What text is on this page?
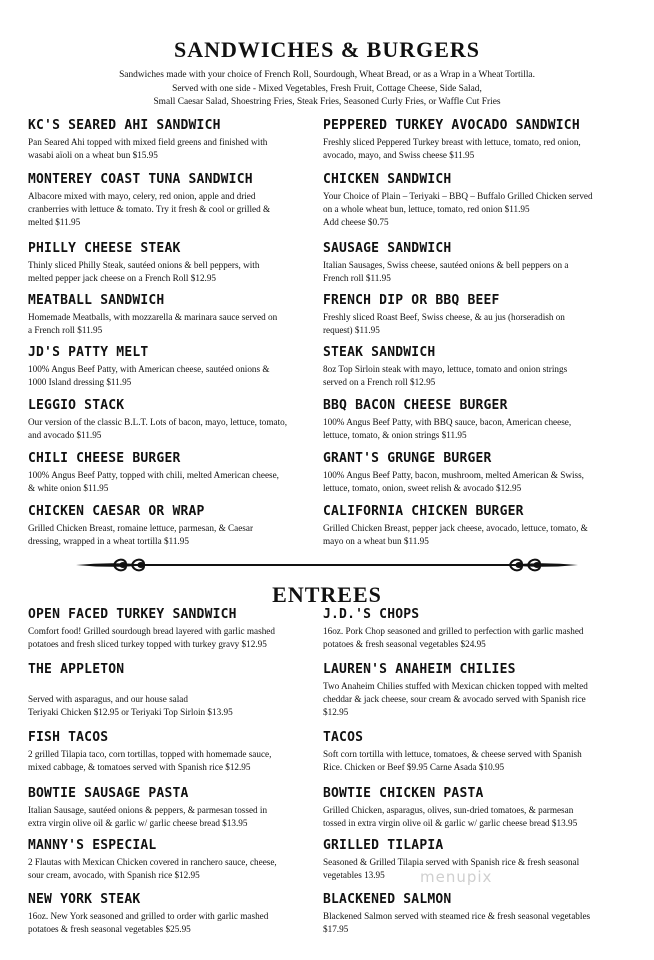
SANDWICHES & BURGERS
Sandwiches made with your choice of French Roll, Sourdough, Wheat Bread, or as a Wrap in a Wheat Tortilla.
Served with one side - Mixed Vegetables, Fresh Fruit, Cottage Cheese, Side Salad,
Small Caesar Salad, Shoestring Fries, Steak Fries, Seasoned Curly Fries, or Waffle Cut Fries
KC'S SEARED AHI SANDWICH

Pan Seared Ahi topped with mixed field greens and finished with
wasabi aïoli on a wheat bun $15.95

MONTEREY COAST TUNA SANDWICH

Albacore mixed with mayo, celery, red onion, apple and dried
cranberries with lettuce & tomato. Try it fresh & cool or grilled &
melted $11.95

PHILLY CHEESE STEAK

Thinly sliced Philly Steak, sautéed onions & bell peppers, with
melted pepper jack cheese on a French Roll $12.95

MEATBALL SANDWICH

Homemade Meatballs, with mozzarella & marinara sauce served on
a French roll $11.95

JD'S PATTY MELT

100% Angus Beef Patty, with American cheese, sautéed onions &
1000 Island dressing $11.95

LEGGIO STACK

Our version of the classic B.L.T. Lots of bacon, mayo, lettuce, tomato,
and avocado $11.95

CHILI CHEESE BURGER

100% Angus Beef Patty, topped with chili, melted American cheese,
& white onion $11.95

CHICKEN CAESAR OR WRAP

Grilled Chicken Breast, romaine lettuce, parmesan, & Caesar
dressing, wrapped in a wheat tortilla $11.95

PEPPERED TURKEY AVOCADO SANDWICH

Freshly sliced Peppered Turkey breast with lettuce, tomato, red onion,
avocado, mayo, and Swiss cheese $11.95

CHICKEN SANDWICH

Your Choice of Plain – Teriyaki – BBQ – Buffalo Grilled Chicken served
on a whole wheat bun, lettuce, tomato, red onion $11.95
Add cheese $0.75

SAUSAGE SANDWICH

Italian Sausages, Swiss cheese, sautéed onions & bell peppers on a
French roll $11.95

FRENCH DIP OR BBQ BEEF

Freshly sliced Roast Beef, Swiss cheese, & au jus (horseradish on
request) $11.95

STEAK SANDWICH

8oz Top Sirloin steak with mayo, lettuce, tomato and onion strings
served on a French roll $12.95

BBQ BACON CHEESE BURGER

100% Angus Beef Patty, with BBQ sauce, bacon, American cheese,
lettuce, tomato, & onion strings $11.95

GRANT'S GRUNGE BURGER

100% Angus Beef Patty, bacon, mushroom, melted American & Swiss,
lettuce, tomato, onion, sweet relish & avocado $12.95

CALIFORNIA CHICKEN BURGER

Grilled Chicken Breast, pepper jack cheese, avocado, lettuce, tomato, &
mayo on a wheat bun $11.95

ENTREES
OPEN FACED TURKEY SANDWICH

Comfort food! Grilled sourdough bread layered with garlic mashed
potatoes and fresh sliced turkey topped with turkey gravy $12.95

THE APPLETON

Served with asparagus, and our house salad
Teriyaki Chicken $12.95 or Teriyaki Top Sirloin $13.95

FISH TACOS

2 grilled Tilapia taco, corn tortillas, topped with homemade sauce,
mixed cabbage, & tomatoes served with Spanish rice $12.95

BOWTIE SAUSAGE PASTA

Italian Sausage, sautéed onions & peppers, & parmesan tossed in
extra virgin olive oil & garlic w/ garlic cheese bread $13.95

MANNY'S ESPECIAL

2 Flautas with Mexican Chicken covered in ranchero sauce, cheese,
sour cream, avocado, with Spanish rice $12.95

NEW YORK STEAK

16oz. New York seasoned and grilled to order with garlic mashed
potatoes & fresh seasonal vegetables $25.95

J.D.'S CHOPS

16oz. Pork Chop seasoned and grilled to perfection with garlic mashed
potatoes & fresh seasonal vegetables $24.95

LAUREN'S ANAHEIM CHILIES

Two Anaheim Chilies stuffed with Mexican chicken topped with melted
cheddar & jack cheese, sour cream & avocado served with Spanish rice
$12.95

TACOS

Soft corn tortilla with lettuce, tomatoes, & cheese served with Spanish
Rice. Chicken or Beef $9.95 Carne Asada $10.95

BOWTIE CHICKEN PASTA

Grilled Chicken, asparagus, olives, sun-dried tomatoes, & parmesan
tossed in extra virgin olive oil & garlic w/ garlic cheese bread $13.95

GRILLED TILAPIA

Seasoned & Grilled Tilapia served with Spanish rice & fresh seasonal
vegetables 13.95

BLACKENED SALMON

Blackened Salmon served with steamed rice & fresh seasonal vegetables
$17.95

menupix
